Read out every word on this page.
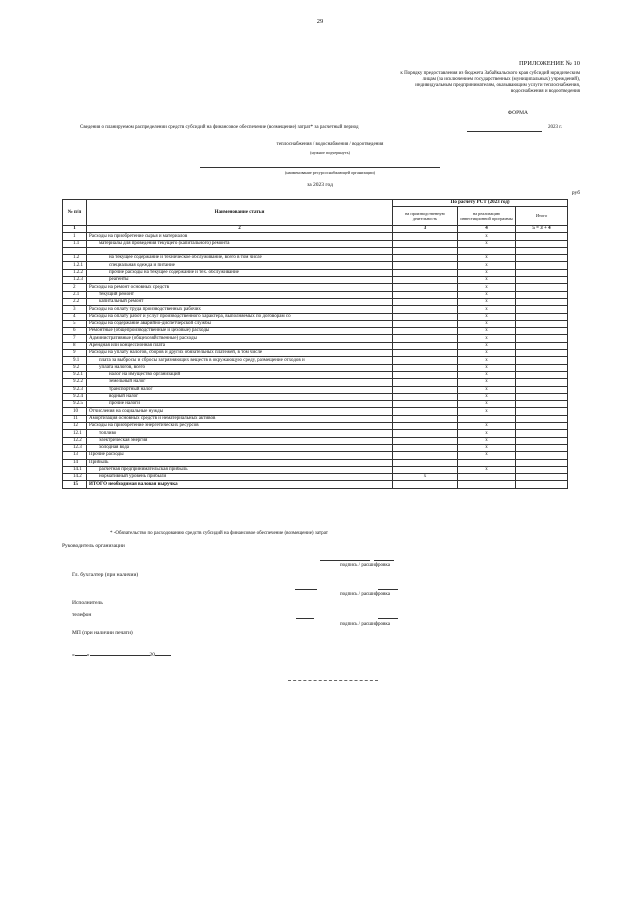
29
ПРИЛОЖЕНИЕ № 10
к Порядку предоставления из бюджета Забайкальского края субсидий юридическим
лицам (за исключением государственных (муниципальных) учреждений),
индивидуальным предпринимателям, оказывающим услуги теплоснабжения,
водоснабжения и водоотведения
ФОРМА
Сведения о планируемом распределении средств субсидий на финансовое обеспечение (возмещение) затрат* за расчетный период	2023 г.
теплоснабжения / водоснабжения / водоотведения
(нужное подчеркнуть)
(наименование ресурсоснабжающей организации)
за 2023 год
руб
№ п/п	Наименование статьи	По расчету РСТ (2023 год)		
		на производственную деятельность	на реализацию инвестиционной программы	Итого
1	2	3	4	5 = 3 + 4
1	Расходы на приобретение сырья и материалов		х	
1.1	материалы для проведения текущего (капитального) ремонта		х	

1.2	на текущее содержание и техническое обслуживание, всего в том числе		х	
1.2.1	специальная одежда и питание		х	
1.2.2	прочие расходы на текущее содержание и тех. обслуживание		х	
1.2.3	реагенты		х	
2	Расходы на ремонт основных средств		х	
2.1	текущий ремонт		х	
2.2	капитальный ремонт		х	
3	Расходы на оплату труда производственных рабочих		х	
4	Расходы на оплату работ и услуг производственного характера, выполняемых по договорам со		х	
5	Расходы на содержание аварийно-диспетчерской службы		х	
6	Ремонтные (общепроизводственные и цеховые) расходы		х	
7	Административные (общехозяйственные) расходы		х	
8	Арендная или концессионная плата		х	
9	Расходы на уплату налогов, сборов и других обязательных платежей, в том числе		х	
9.1	плата за выбросы и сбросы загрязняющих веществ в окружающую среду, размещение отходов и		х	
9.2	уплата налогов, всего		х	
9.2.1	налог на имущество организаций		х	
9.2.2	земельный налог		х	
9.2.3	транспортный налог		х	
9.2.4	водный налог		х	
9.2.5	прочие налоги		х	
10	Отчисления на социальные нужды		х	
11	Амортизация основных средств и нематериальных активов			
12	Расходы на приобретение энергетических ресурсов		х	
12.1	топливо		х	
12.2	электрическая энергия		х	
12.3	холодная вода		х	
13	Прочие расходы		х	
14	Прибыль			
14.1	расчетная предпринимательская прибыль		х	
14.2	нормативный уровень прибыли	х		
15	ИТОГО необходимая валовая выручка			
* -Обязательство по расходованию средств субсидий на финансовое обеспечение (возмещение) затрат
Руководитель организации
подпись / расшифровка
Гл. бухгалтер (при наличии)
подпись / расшифровка
Исполнитель
телефон
подпись / расшифровка
МП (при наличии печати)
« »	20
